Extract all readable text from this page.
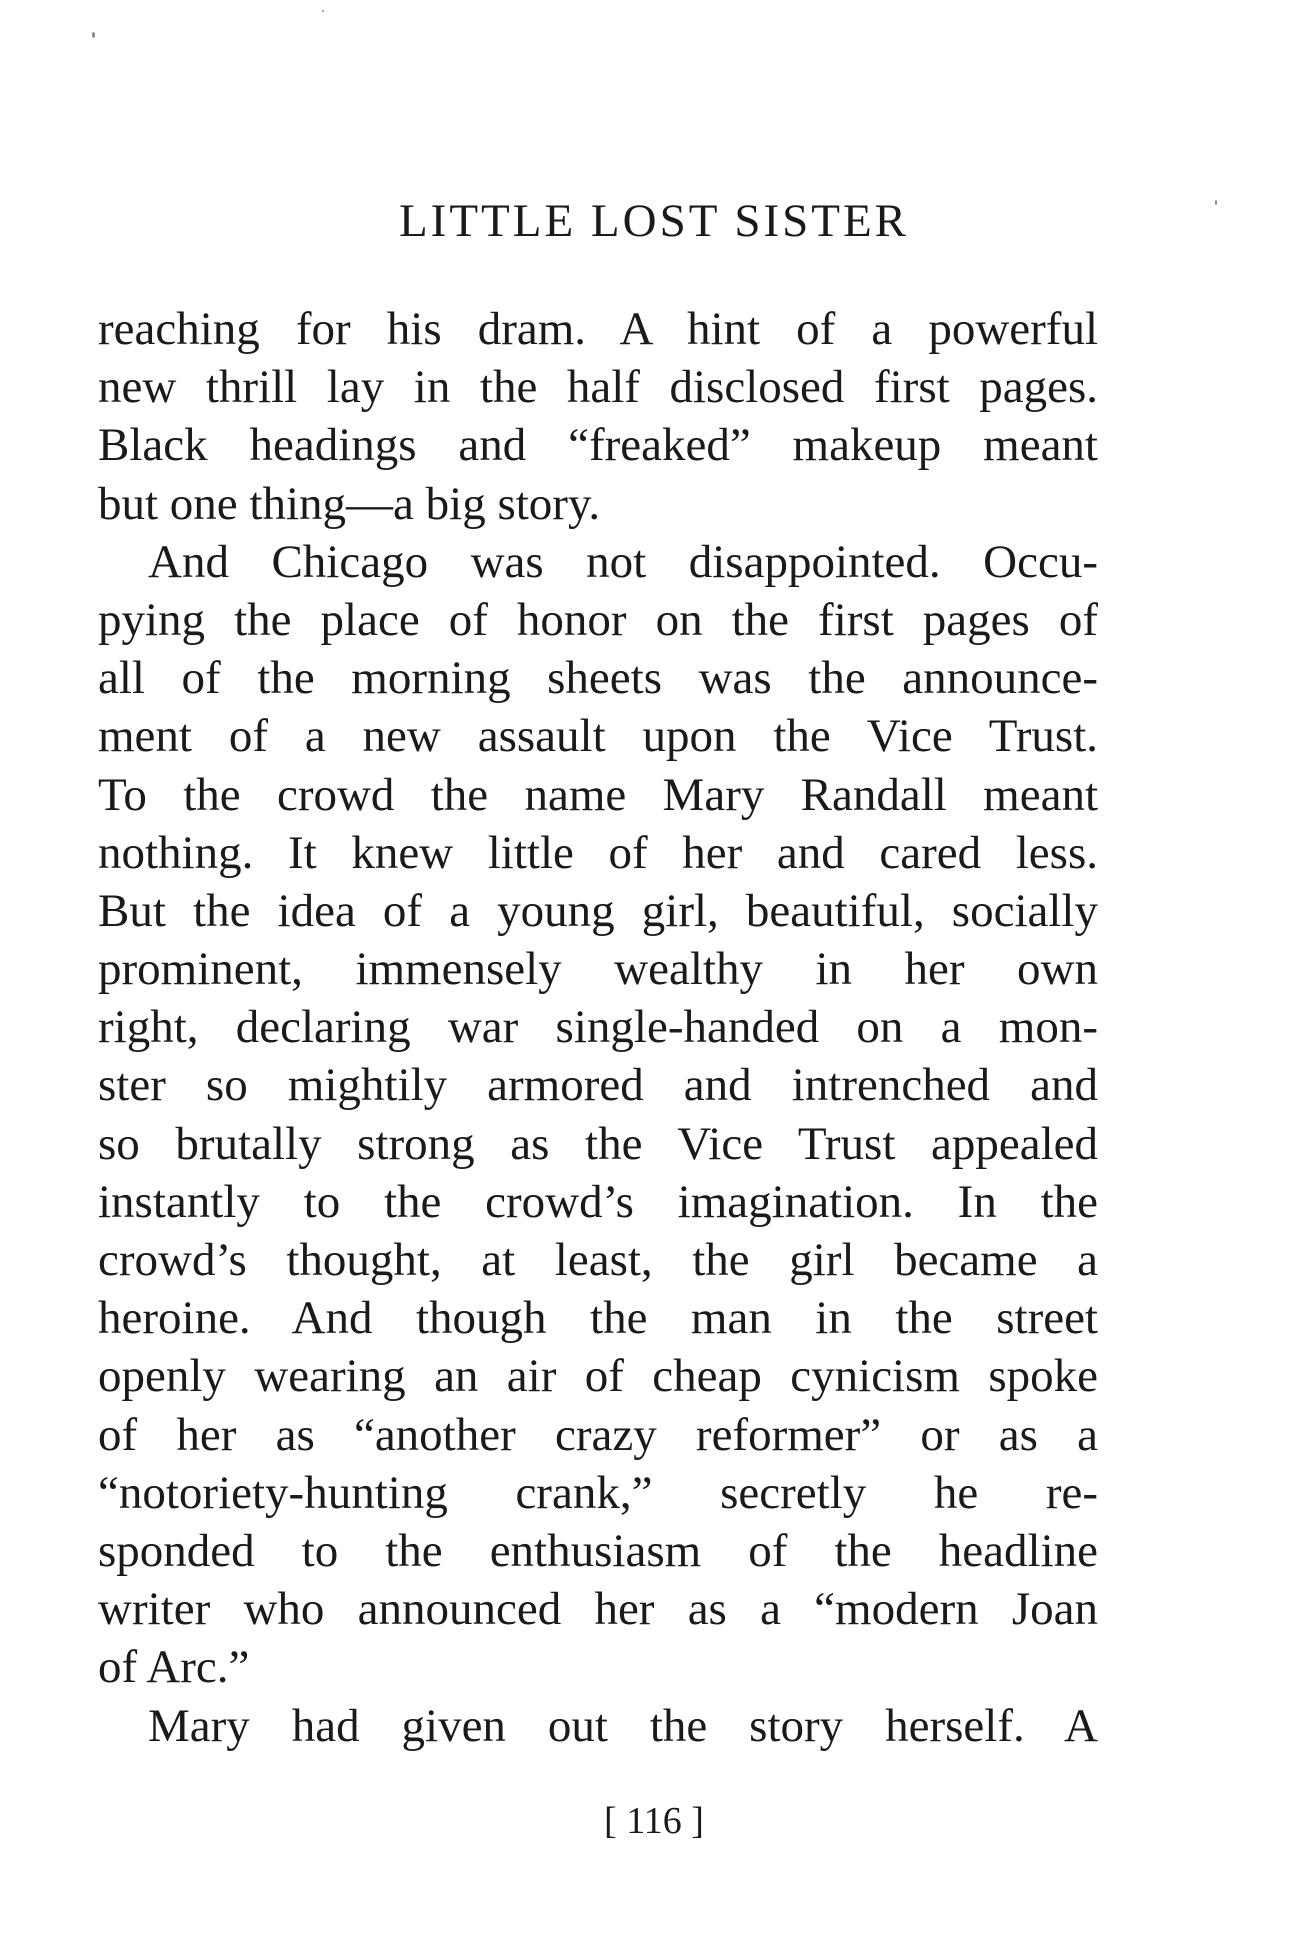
LITTLE LOST SISTER
reaching for his dram. A hint of a powerful
new thrill lay in the half disclosed first pages.
Black headings and “freaked” makeup meant
but one thing—a big story.
And Chicago was not disappointed. Occu-
pying the place of honor on the first pages of
all of the morning sheets was the announce-
ment of a new assault upon the Vice Trust.
To the crowd the name Mary Randall meant
nothing. It knew little of her and cared less.
But the idea of a young girl, beautiful, socially
prominent, immensely wealthy in her own
right, declaring war single-handed on a mon-
ster so mightily armored and intrenched and
so brutally strong as the Vice Trust appealed
instantly to the crowd’s imagination. In the
crowd’s thought, at least, the girl became a
heroine. And though the man in the street
openly wearing an air of cheap cynicism spoke
of her as “another crazy reformer” or as a
“notoriety-hunting crank,” secretly he re-
sponded to the enthusiasm of the headline
writer who announced her as a “modern Joan
of Arc.”
Mary had given out the story herself. A
[ 116 ]
